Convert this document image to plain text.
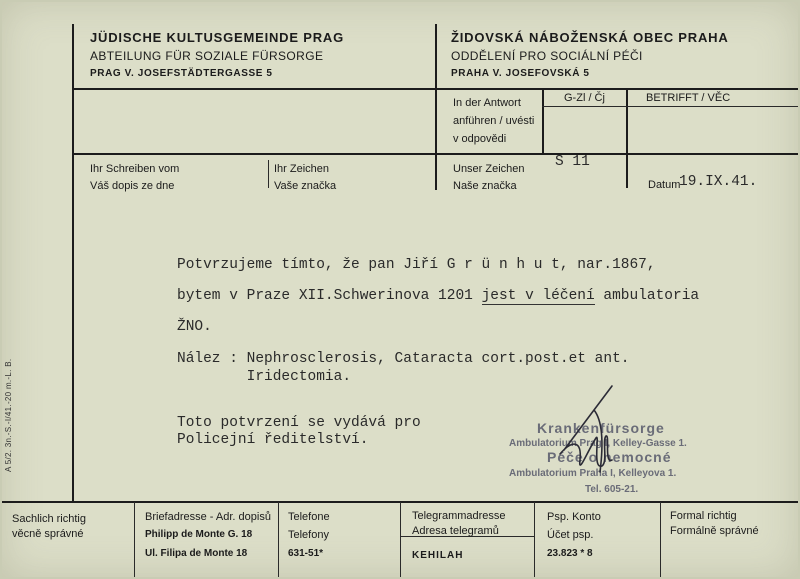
JÜDISCHE KULTUSGEMEINDE PRAG
ABTEILUNG FÜR SOZIALE FÜRSORGE
PRAG V. JOSEFSTÄDTERGASSE 5
ŽIDOVSKÁ NÁBOŽENSKÁ OBEC PRAHA
ODDĚLENÍ PRO SOCIÁLNÍ PÉČI
PRAHA V. JOSEFOVSKÁ 5
In der Antwort
anführen / uvésti
v odpovědi
G-Zl / Čj	BETRIFFT / VĚC
Ihr Schreiben vom
Váš dopis ze dne
Ihr Zeichen
Vaše značka
Unser Zeichen
Naše značka
S 11
Datum
19.IX.41.
Potvrzujeme tímto, že pan Jiří G r ü n h u t, nar.1867,
bytem v Praze XII.Schwerinova 1201 jest v léčení ambulatoria
ŽNO.
Nález : Nephrosclerosis, Cataracta cort.post.et ant.
Iridectomia.
Toto potvrzení se vydává pro
Policejní ředitelství.
Krankenfürsorge
Ambulatorium Prag I, Kelley-Gasse 1.
Péče o nemocné
Ambulatorium Praha I, Kelleyova 1.
Tel. 605-21.
A 5/2. 3n.-S.-I/41.-20 m.-L. B.
Sachlich richtig
věcně správné
Briefadresse - Adr. dopisů
Philipp de Monte G. 18
Ul. Filipa de Monte 18
Telefone
Telefony
631-51*
Telegrammadresse
Adresa telegramů
KEHILAH
Psp. Konto
Účet psp.
23.823 * 8
Formal richtig
Formálně správné
